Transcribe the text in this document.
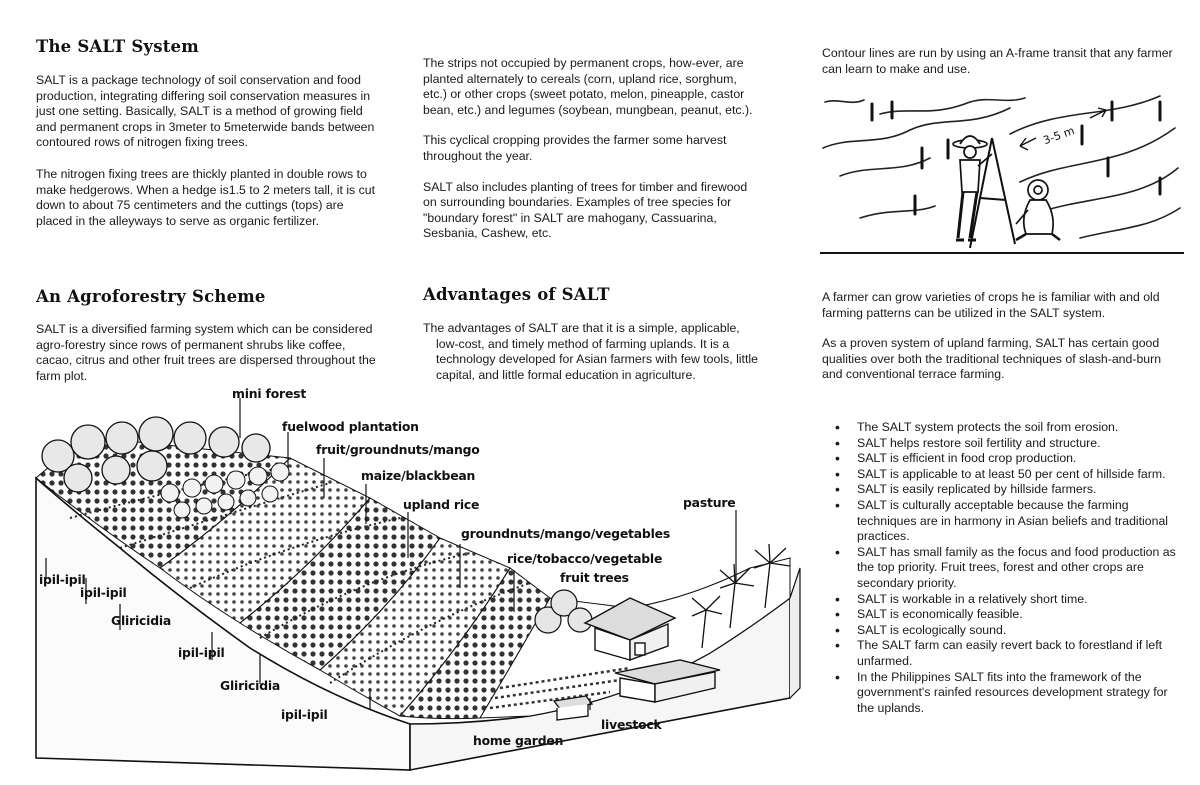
The SALT System

SALT is a package technology of soil conservation and food production, integrating differing soil conservation measures in just one setting. Basically, SALT is a method of growing field and permanent crops in 3meter to 5meterwide bands between contoured rows of nitrogen fixing trees.

The nitrogen fixing trees are thickly planted in double rows to make hedgerows. When a hedge is1.5 to 2 meters tall, it is cut down to about 75 centimeters and the cuttings (tops) are placed in the alleyways to serve as organic fertilizer.

An Agroforestry Scheme

SALT is a diversified farming system which can be considered agro-forestry since rows of permanent shrubs like coffee, cacao, citrus and other fruit trees are dispersed throughout the
farm plot.

The strips not occupied by permanent crops, how-ever, are planted alternately to cereals (corn, upland rice, sorghum, etc.) or other crops (sweet potato, melon, pineapple, castor bean, etc.) and legumes (soybean, mungbean, peanut, etc.).

This cyclical cropping provides the farmer some harvest throughout the year.

SALT also includes planting of trees for timber and firewood on surrounding boundaries. Examples of tree species for "boundary forest" in SALT are mahogany, Cassuarina, Sesbania, Cashew, etc.

Advantages of SALT

The advantages of SALT are that it is a simple, applicable, low-cost, and timely method of farming uplands. It is a technology developed for Asian farmers with few tools, little capital, and little formal education in agriculture.

Contour lines are run by using an A-frame transit that any farmer can learn to make and use.

3-5 m

A farmer can grow varieties of crops he is familiar with and old farming patterns can be utilized in the SALT system.

As a proven system of upland farming, SALT has certain good qualities over both the traditional techniques of slash-and-burn and conventional terrace farming.

• The SALT system protects the soil from erosion.
• SALT helps restore soil fertility and structure.
• SALT is efficient in food crop production.
• SALT is applicable to at least 50 per cent of hillside farm.
• SALT is easily replicated by hillside farmers.
• SALT is culturally acceptable because the farming techniques are in harmony in Asian beliefs and traditional practices.
• SALT has small family as the focus and food production as the top priority. Fruit trees, forest and other crops are secondary priority.
• SALT is workable in a relatively short time.
• SALT is economically feasible.
• SALT is ecologically sound.
• The SALT farm can easily revert back to forestland if left unfarmed.
• In the Philippines SALT fits into the framework of the government's rainfed resources development strategy for the uplands.
mini forest
fuelwood plantation
fruit/groundnuts/mango
maize/blackbean
upland rice	pasture
groundnuts/mango/vegetables
rice/tobacco/vegetable
fruit trees
ipil-ipil
ipil-ipil
Gliricidia
ipil-ipil
Gliricidia
ipil-ipil
livestock
home garden
